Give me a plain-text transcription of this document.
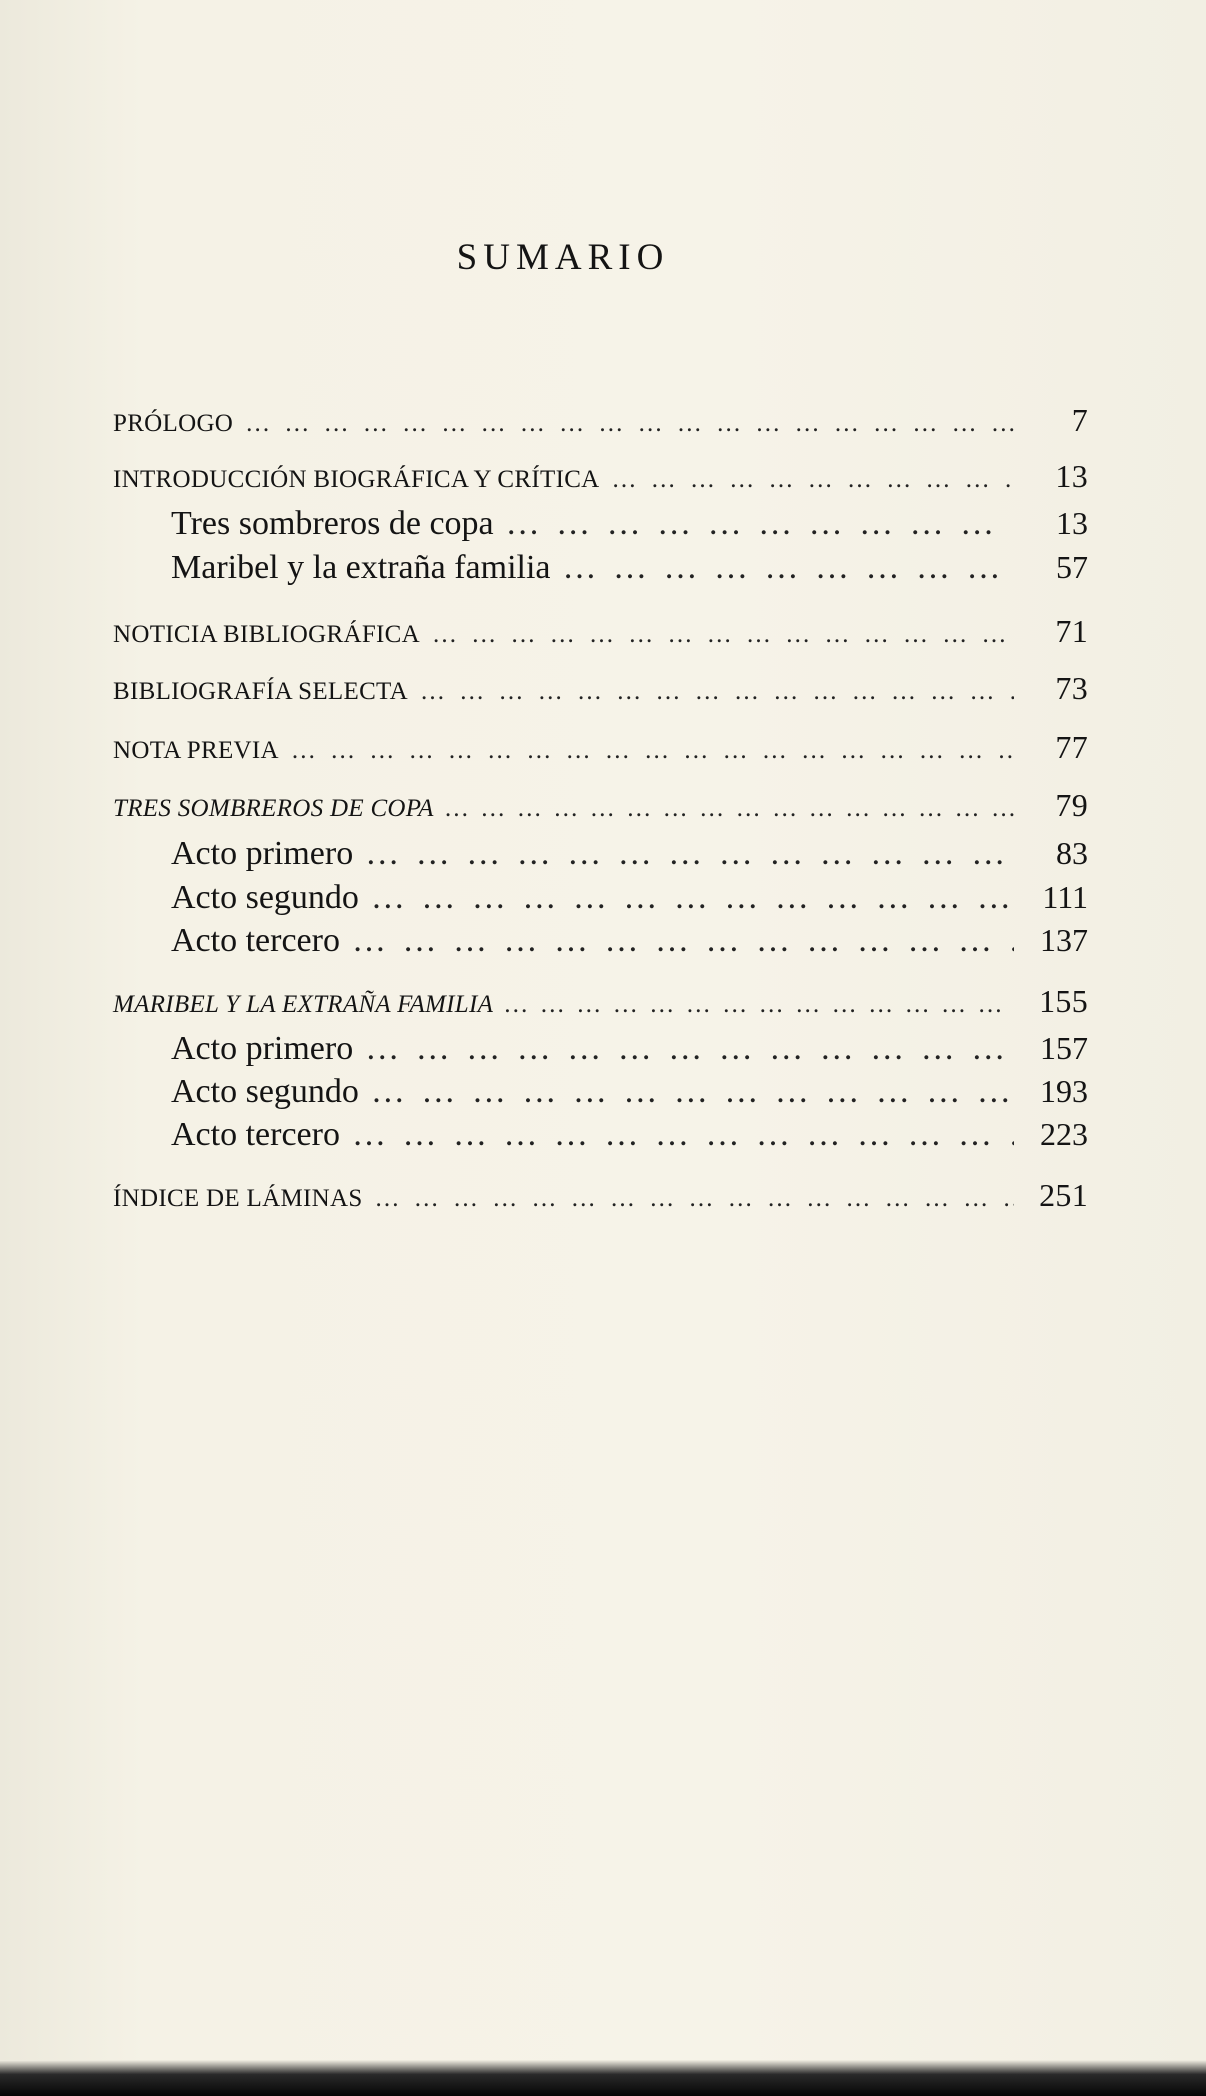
SUMARIO
PRÓLOGO … … … … … … … … … … … … … … … … … … … … … … … … … … … … … … … … … … … … … … … … … …	7
INTRODUCCIÓN BIOGRÁFICA Y CRÍTICA … … … … … … … … … … … … … … … … … … … … … … … … … … … … … … … … … … … … … … … … … …	13
Tres sombreros de copa … … … … … … … … … … … … … … … … … … … … … … … … … … … … … … … … … … … … … … … … … …	13
Maribel y la extraña familia … … … … … … … … … … … … … … … … … … … … … … … … … … … … … … … … … … … … … … … … … …	57
NOTICIA BIBLIOGRÁFICA … … … … … … … … … … … … … … … … … … … … … … … … … … … … … … … … … … … … … … … … … …	71
BIBLIOGRAFÍA SELECTA … … … … … … … … … … … … … … … … … … … … … … … … … … … … … … … … … … … … … … … … … …	73
NOTA PREVIA … … … … … … … … … … … … … … … … … … … … … … … … … … … … … … … … … … … … … … … … … …	77
TRES SOMBREROS DE COPA … … … … … … … … … … … … … … … … … … … … … … … … … … … … … … … … … … … … … … … … … …	79
Acto primero … … … … … … … … … … … … … … … … … … … … … … … … … … … … … … … … … … … … … … … … … …	83
Acto segundo … … … … … … … … … … … … … … … … … … … … … … … … … … … … … … … … … … … … … … … … … …	111
Acto tercero … … … … … … … … … … … … … … … … … … … … … … … … … … … … … … … … … … … … … … … … … …	137
MARIBEL Y LA EXTRAÑA FAMILIA … … … … … … … … … … … … … … … … … … … … … … … … … … … … … … … … … … … … … … … … … …	155
Acto primero … … … … … … … … … … … … … … … … … … … … … … … … … … … … … … … … … … … … … … … … … …	157
Acto segundo … … … … … … … … … … … … … … … … … … … … … … … … … … … … … … … … … … … … … … … … … …	193
Acto tercero … … … … … … … … … … … … … … … … … … … … … … … … … … … … … … … … … … … … … … … … … …	223
ÍNDICE DE LÁMINAS … … … … … … … … … … … … … … … … … … … … … … … … … … … … … … … … … … … … … … … … … …	251
